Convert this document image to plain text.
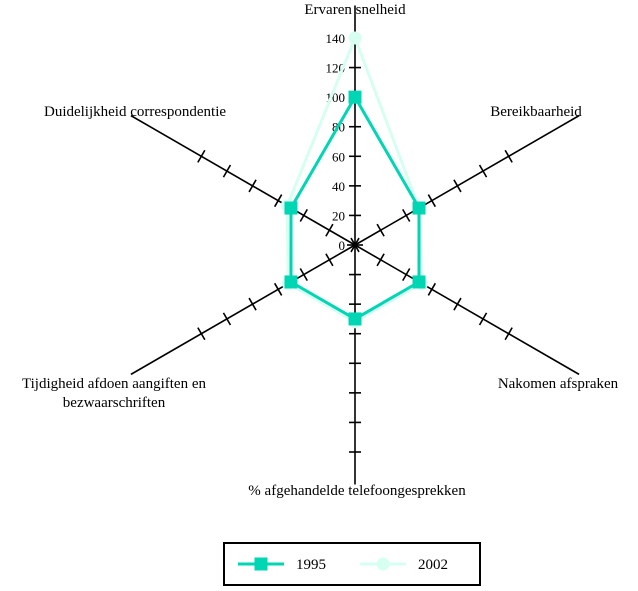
0
20
40
60
80
100
120
140
Ervaren snelheid
Bereikbaarheid
Nakomen afspraken
% afgehandelde telefoongesprekken
Tijdigheid afdoen aangiften en bezwaarschriften
Duidelijkheid correspondentie
1995	2002
